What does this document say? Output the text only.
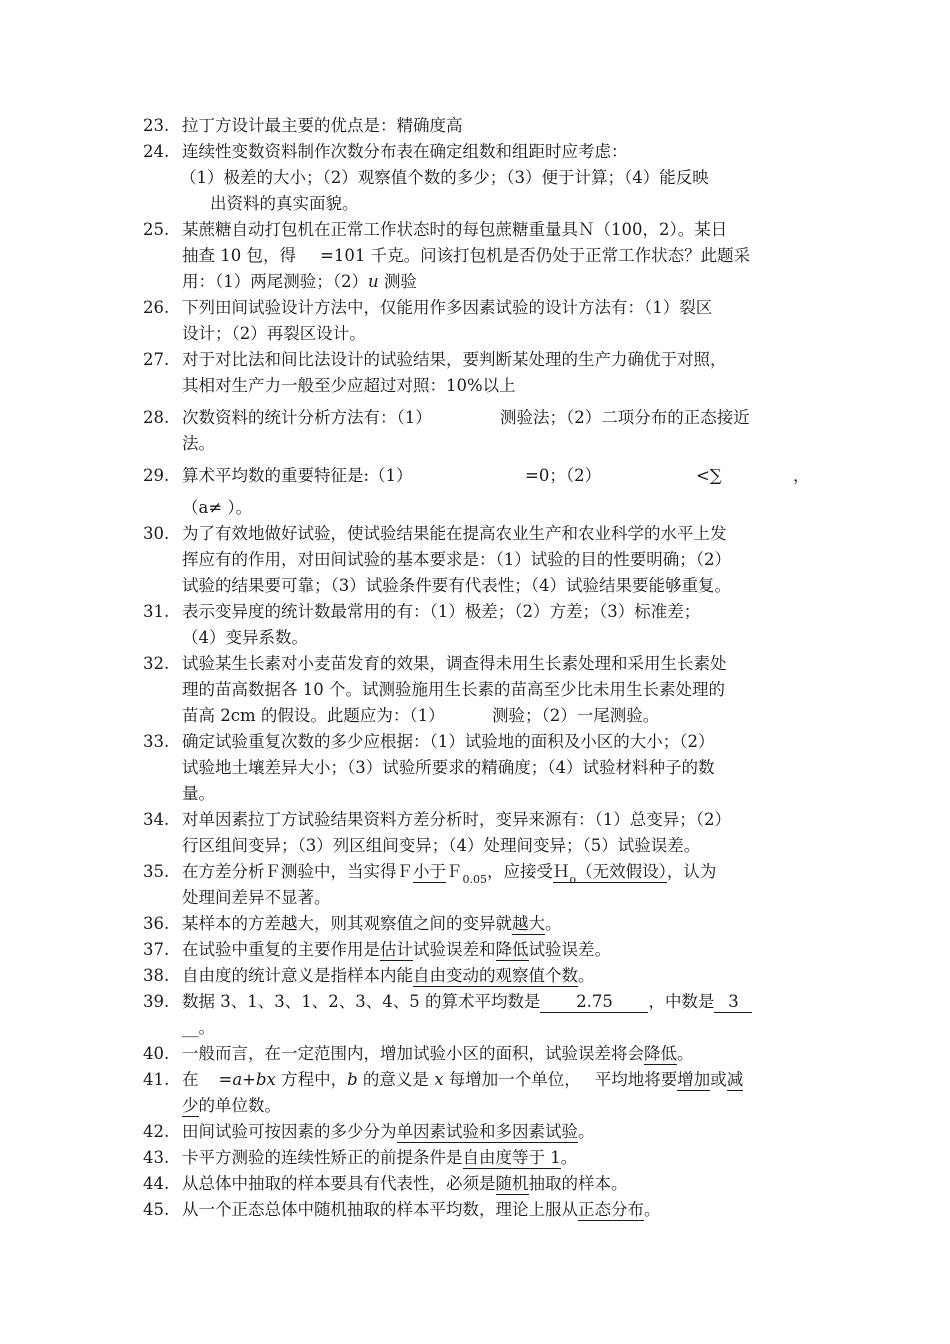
23. 拉丁方设计最主要的优点是：精确度高
24. 连续性变数资料制作次数分布表在确定组数和组距时应考虑：
（1）极差的大小；（2）观察值个数的多少；（3）便于计算；（4）能反映
出资料的真实面貌。
25. 某蔗糖自动打包机在正常工作状态时的每包蔗糖重量具Ｎ（100，2）。某日
抽查 10 包，得 =101 千克。问该打包机是否仍处于正常工作状态？此题采
用：（1）两尾测验；（2）u 测验
26. 下列田间试验设计方法中，仅能用作多因素试验的设计方法有：（1）裂区
设计；（2）再裂区设计。
27. 对于对比法和间比法设计的试验结果，要判断某处理的生产力确优于对照，
其相对生产力一般至少应超过对照：10%以上
28. 次数资料的统计分析方法有：（1）	测验法；（2）二项分布的正态接近
法。
29. 算术平均数的重要特征是:（1）	=0；（2）	<∑	，
（a≠ ）。
30. 为了有效地做好试验，使试验结果能在提高农业生产和农业科学的水平上发
挥应有的作用，对田间试验的基本要求是：（1）试验的目的性要明确；（2）
试验的结果要可靠；（3）试验条件要有代表性；（4）试验结果要能够重复。
31. 表示变异度的统计数最常用的有：（1）极差；（2）方差；（3）标准差；
（4）变异系数。
32. 试验某生长素对小麦苗发育的效果，调查得未用生长素处理和采用生长素处
理的苗高数据各 10 个。试测验施用生长素的苗高至少比未用生长素处理的
苗高 2cm 的假设。此题应为：（1）	测验；（2）一尾测验。
33. 确定试验重复次数的多少应根据：（1）试验地的面积及小区的大小；（2）
试验地土壤差异大小；（3）试验所要求的精确度；（4）试验材料种子的数
量。
34. 对单因素拉丁方试验结果资料方差分析时，变异来源有：（1）总变异；（2）
行区组间变异；（3）列区组间变异；（4）处理间变异；（5）试验误差。
35. 在方差分析Ｆ测验中，当实得Ｆ小于Ｆ$_{0.05}$，应接受Ｈ$_o$（无效假设），认为
处理间差异不显著。
36. 某样本的方差越大，则其观察值之间的变异就越大。
37. 在试验中重复的主要作用是估计试验误差和降低试验误差。
38. 自由度的统计意义是指样本内能自由变动的观察值个数。
39. 数据 3、1、3、1、2、3、4、5 的算术平均数是 2.75 ，中数是 3
__。
40. 一般而言，在一定范围内，增加试验小区的面积，试验误差将会降低。
41. 在 =a+bx 方程中，b 的意义是 x 每增加一个单位， 平均地将要增加或减
少的单位数。
42. 田间试验可按因素的多少分为单因素试验和多因素试验。
43. 卡平方测验的连续性矫正的前提条件是自由度等于 1。
44. 从总体中抽取的样本要具有代表性，必须是随机抽取的样本。
45. 从一个正态总体中随机抽取的样本平均数，理论上服从正态分布。
